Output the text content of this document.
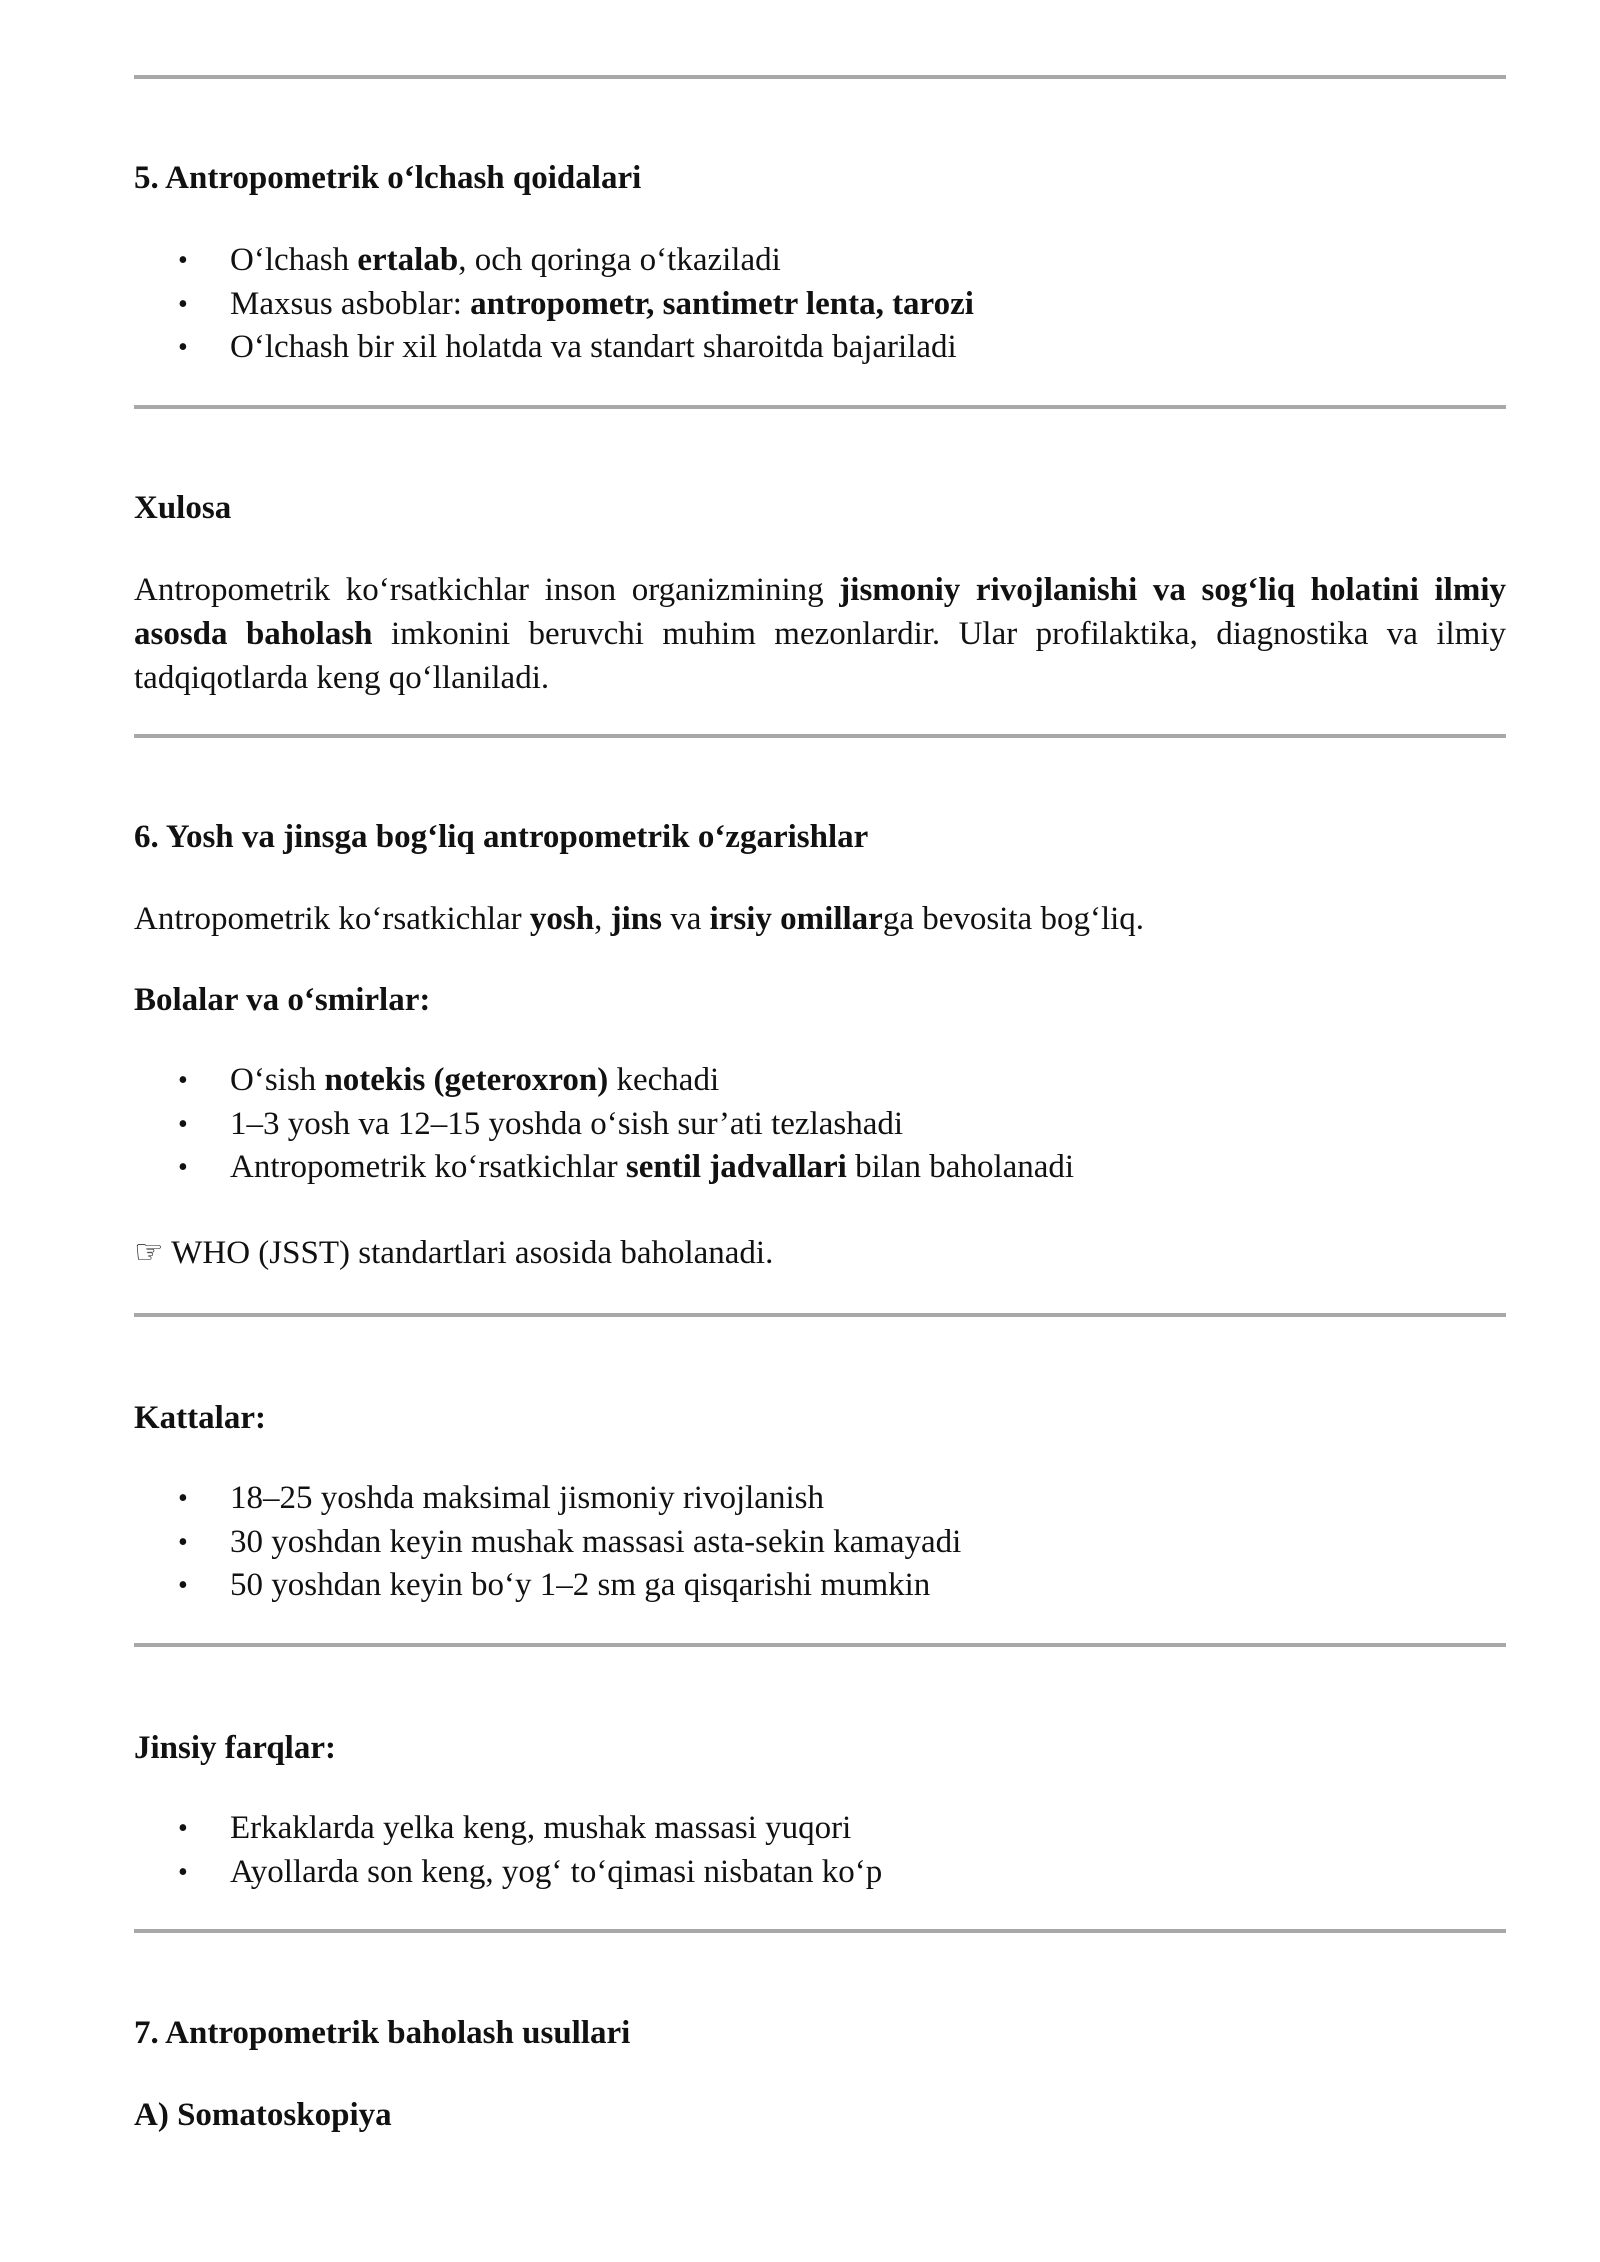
5. Antropometrik o‘lchash qoidalari
• O‘lchash ertalab, och qoringa o‘tkaziladi
• Maxsus asboblar: antropometr, santimetr lenta, tarozi
• O‘lchash bir xil holatda va standart sharoitda bajariladi
Xulosa
Antropometrik ko‘rsatkichlar inson organizmining jismoniy rivojlanishi va sog‘liq holatini ilmiy asosda baholash imkonini beruvchi muhim mezonlardir. Ular profilaktika, diagnostika va ilmiy tadqiqotlarda keng qo‘llaniladi.
6. Yosh va jinsga bog‘liq antropometrik o‘zgarishlar
Antropometrik ko‘rsatkichlar yosh, jins va irsiy omillarga bevosita bog‘liq.
Bolalar va o‘smirlar:
• O‘sish notekis (geteroxron) kechadi
• 1–3 yosh va 12–15 yoshda o‘sish sur’ati tezlashadi
• Antropometrik ko‘rsatkichlar sentil jadvallari bilan baholanadi
☞ WHO (JSST) standartlari asosida baholanadi.
Kattalar:
• 18–25 yoshda maksimal jismoniy rivojlanish
• 30 yoshdan keyin mushak massasi asta-sekin kamayadi
• 50 yoshdan keyin bo‘y 1–2 sm ga qisqarishi mumkin
Jinsiy farqlar:
• Erkaklarda yelka keng, mushak massasi yuqori
• Ayollarda son keng, yog‘ to‘qimasi nisbatan ko‘p
7. Antropometrik baholash usullari
A) Somatoskopiya
